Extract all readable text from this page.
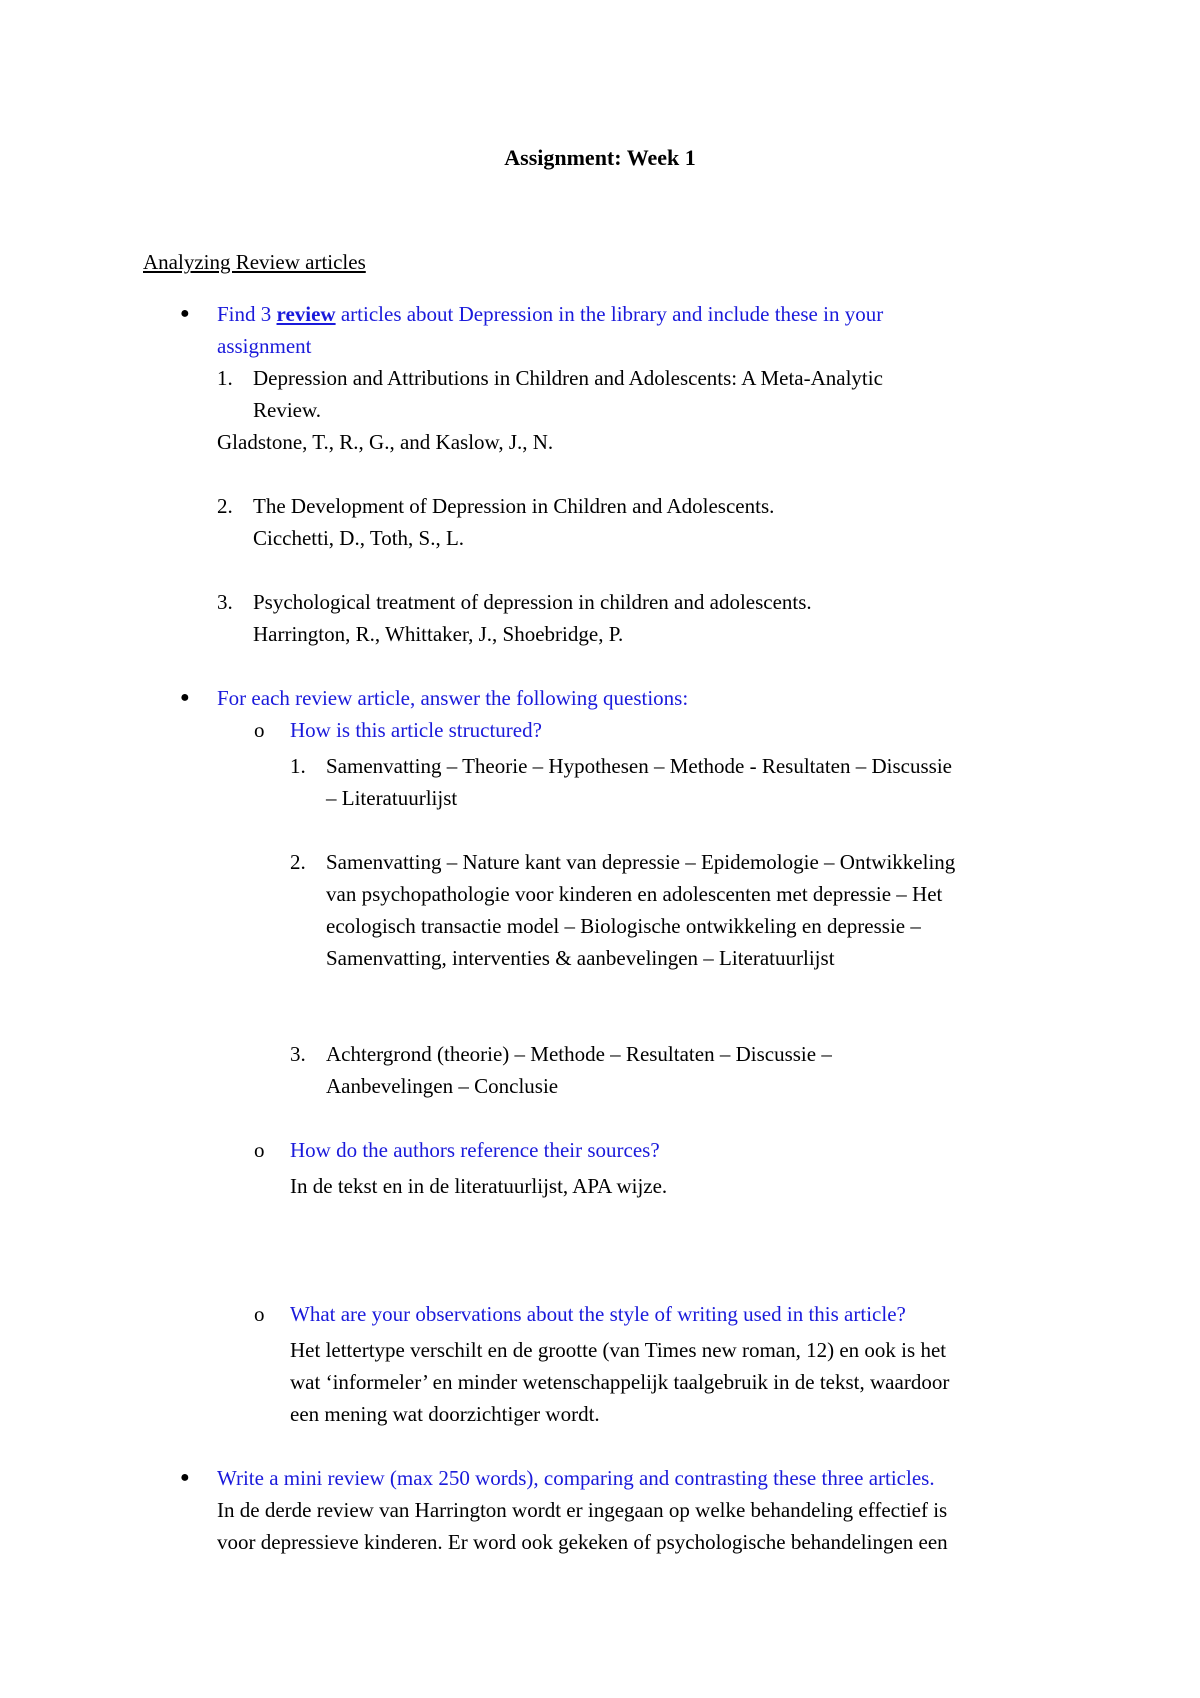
Assignment: Week 1
Analyzing Review articles
● Find 3 review articles about Depression in the library and include these in your
assignment
1. Depression and Attributions in Children and Adolescents: A Meta-Analytic
Review.
Gladstone, T., R., G., and Kaslow, J., N.
2. The Development of Depression in Children and Adolescents.
Cicchetti, D., Toth, S., L.
3. Psychological treatment of depression in children and adolescents.
Harrington, R., Whittaker, J., Shoebridge, P.
● For each review article, answer the following questions:
o How is this article structured?
1. Samenvatting – Theorie – Hypothesen – Methode - Resultaten – Discussie
– Literatuurlijst
2. Samenvatting – Nature kant van depressie – Epidemologie – Ontwikkeling
van psychopathologie voor kinderen en adolescenten met depressie – Het
ecologisch transactie model – Biologische ontwikkeling en depressie –
Samenvatting, interventies & aanbevelingen – Literatuurlijst
3. Achtergrond (theorie) – Methode – Resultaten – Discussie –
Aanbevelingen – Conclusie
o How do the authors reference their sources?
In de tekst en in de literatuurlijst, APA wijze.
o What are your observations about the style of writing used in this article?
Het lettertype verschilt en de grootte (van Times new roman, 12) en ook is het
wat ‘informeler’ en minder wetenschappelijk taalgebruik in de tekst, waardoor
een mening wat doorzichtiger wordt.
● Write a mini review (max 250 words), comparing and contrasting these three articles.
In de derde review van Harrington wordt er ingegaan op welke behandeling effectief is
voor depressieve kinderen. Er word ook gekeken of psychologische behandelingen een
